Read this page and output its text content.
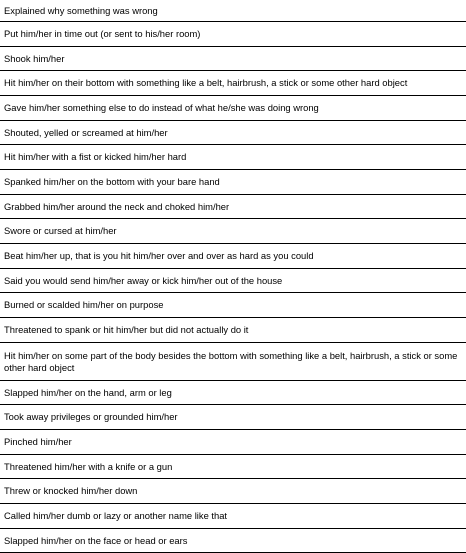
Explained why something was wrong
Put him/her in time out (or sent to his/her room)
Shook him/her
Hit him/her on their bottom with something like a belt, hairbrush, a stick or some other hard object
Gave him/her something else to do instead of what he/she was doing wrong
Shouted, yelled or screamed at him/her
Hit him/her with a fist or kicked him/her hard
Spanked him/her on the bottom with your bare hand
Grabbed him/her around the neck and choked him/her
Swore or cursed at him/her
Beat him/her up, that is you hit him/her over and over as hard as you could
Said you would send him/her away or kick him/her out of the house
Burned or scalded him/her on purpose
Threatened to spank or hit him/her but did not actually do it
Hit him/her on some part of the body besides the bottom with something like a belt, hairbrush, a stick or some other hard object
Slapped him/her on the hand, arm or leg
Took away privileges or grounded him/her
Pinched him/her
Threatened him/her with a knife or a gun
Threw or knocked him/her down
Called him/her dumb or lazy or another name like that
Slapped him/her on the face or head or ears
